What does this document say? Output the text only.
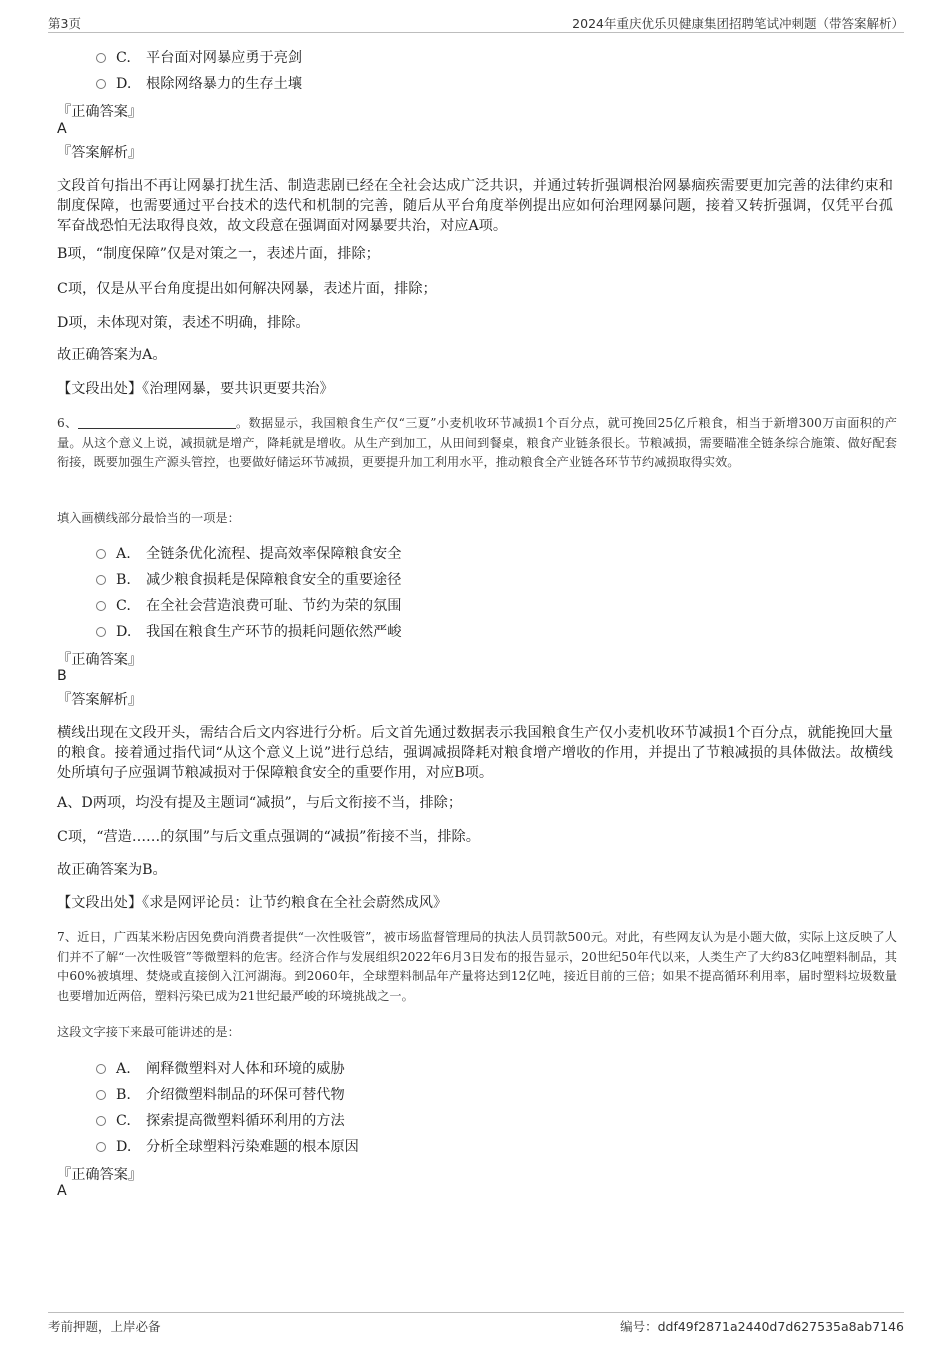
第3页	2024年重庆优乐贝健康集团招聘笔试冲刺题（带答案解析）
C. 平台面对网暴应勇于亮剑
D. 根除网络暴力的生存土壤
『正确答案』
A
『答案解析』
文段首句指出不再让网暴打扰生活、制造悲剧已经在全社会达成广泛共识，并通过转折强调根治网暴痼疾需要更加完善的法律约束和制度保障，也需要通过平台技术的迭代和机制的完善，随后从平台角度举例提出应如何治理网暴问题，接着又转折强调，仅凭平台孤军奋战恐怕无法取得良效，故文段意在强调面对网暴要共治，对应A项。
B项，“制度保障”仅是对策之一，表述片面，排除；
C项，仅是从平台角度提出如何解决网暴，表述片面，排除；
D项，未体现对策，表述不明确，排除。
故正确答案为A。
【文段出处】《治理网暴，要共识更要共治》
6、	。数据显示，我国粮食生产仅“三夏”小麦机收环节减损1个百分点，就可挽回25亿斤粮食，相当于新增300万亩面积的产量。从这个意义上说，减损就是增产，降耗就是增收。从生产到加工，从田间到餐桌，粮食产业链条很长。节粮减损，需要瞄准全链条综合施策、做好配套衔接，既要加强生产源头管控，也要做好储运环节减损，更要提升加工利用水平，推动粮食全产业链各环节节约减损取得实效。
填入画横线部分最恰当的一项是：
A. 全链条优化流程、提高效率保障粮食安全
B. 减少粮食损耗是保障粮食安全的重要途径
C. 在全社会营造浪费可耻、节约为荣的氛围
D. 我国在粮食生产环节的损耗问题依然严峻
『正确答案』
B
『答案解析』
横线出现在文段开头，需结合后文内容进行分析。后文首先通过数据表示我国粮食生产仅小麦机收环节减损1个百分点，就能挽回大量的粮食。接着通过指代词“从这个意义上说”进行总结，强调减损降耗对粮食增产增收的作用，并提出了节粮减损的具体做法。故横线处所填句子应强调节粮减损对于保障粮食安全的重要作用，对应B项。
A、D两项，均没有提及主题词“减损”，与后文衔接不当，排除；
C项，“营造……的氛围”与后文重点强调的“减损”衔接不当，排除。
故正确答案为B。
【文段出处】《求是网评论员：让节约粮食在全社会蔚然成风》
7、近日，广西某米粉店因免费向消费者提供“一次性吸管”，被市场监督管理局的执法人员罚款500元。对此，有些网友认为是小题大做，实际上这反映了人们并不了解“一次性吸管”等微塑料的危害。经济合作与发展组织2022年6月3日发布的报告显示，20世纪50年代以来，人类生产了大约83亿吨塑料制品，其中60%被填埋、焚烧或直接倒入江河湖海。到2060年，全球塑料制品年产量将达到12亿吨，接近目前的三倍；如果不提高循环利用率，届时塑料垃圾数量也要增加近两倍，塑料污染已成为21世纪最严峻的环境挑战之一。
这段文字接下来最可能讲述的是：
A. 阐释微塑料对人体和环境的威胁
B. 介绍微塑料制品的环保可替代物
C. 探索提高微塑料循环利用的方法
D. 分析全球塑料污染难题的根本原因
『正确答案』
A
考前押题，上岸必备	编号：ddf49f2871a2440d7d627535a8ab7146
